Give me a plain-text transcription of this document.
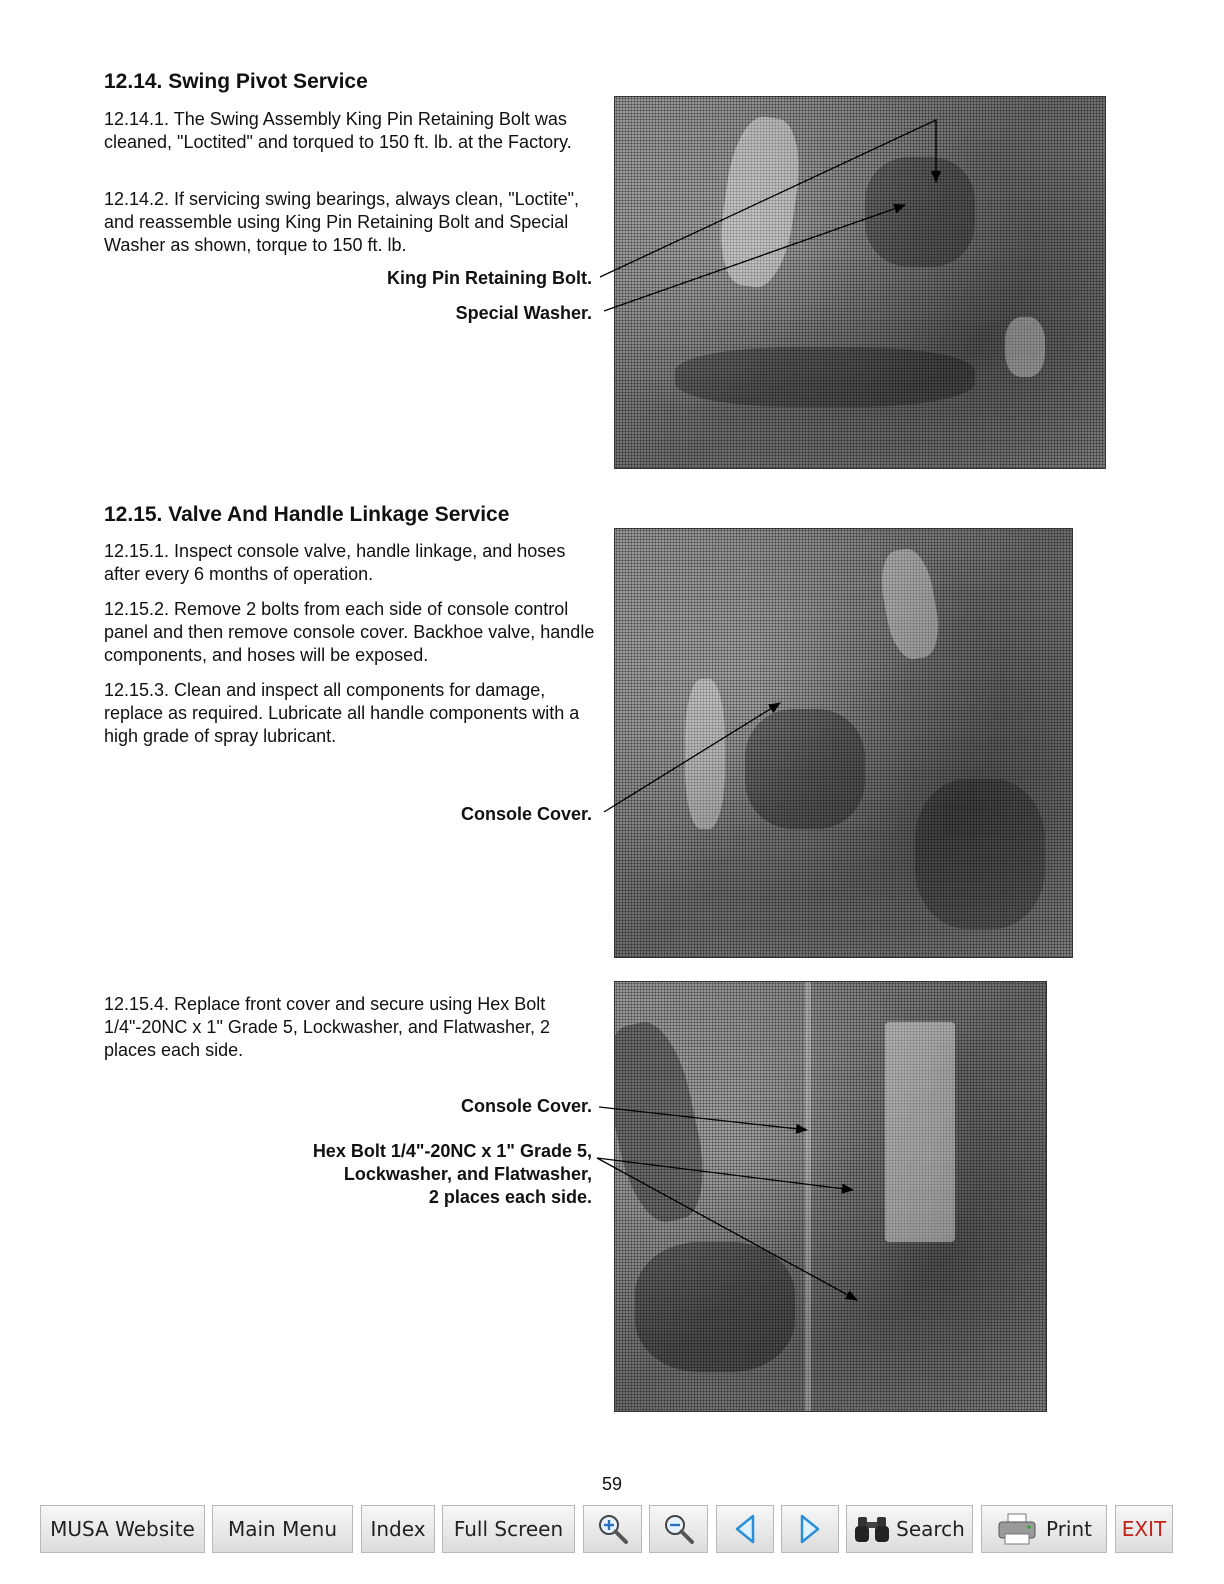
12.14. Swing Pivot Service

12.14.1. The Swing Assembly King Pin Retaining Bolt was cleaned, "Loctited" and torqued to 150 ft. lb. at the Factory.

12.14.2. If servicing swing bearings, always clean, "Loctite", and reassemble using King Pin Retaining Bolt and Special Washer as shown, torque to 150 ft. lb.

King Pin Retaining Bolt.
Special Washer.
12.15. Valve And Handle Linkage Service

12.15.1. Inspect console valve, handle linkage, and hoses after every 6 months of operation.

12.15.2. Remove 2 bolts from each side of console control panel and then remove console cover. Backhoe valve, handle components, and hoses will be exposed.

12.15.3. Clean and inspect all components for damage, replace as required. Lubricate all handle components with a high grade of spray lubricant.

Console Cover.

12.15.4. Replace front cover and secure using Hex Bolt 1/4"-20NC x 1" Grade 5, Lockwasher, and Flatwasher, 2 places each side.

Console Cover.
Hex Bolt 1/4"-20NC x 1" Grade 5,
Lockwasher, and Flatwasher,
2 places each side.
59
MUSA Website Main Menu Index Full Screen	Search	Print EXIT
